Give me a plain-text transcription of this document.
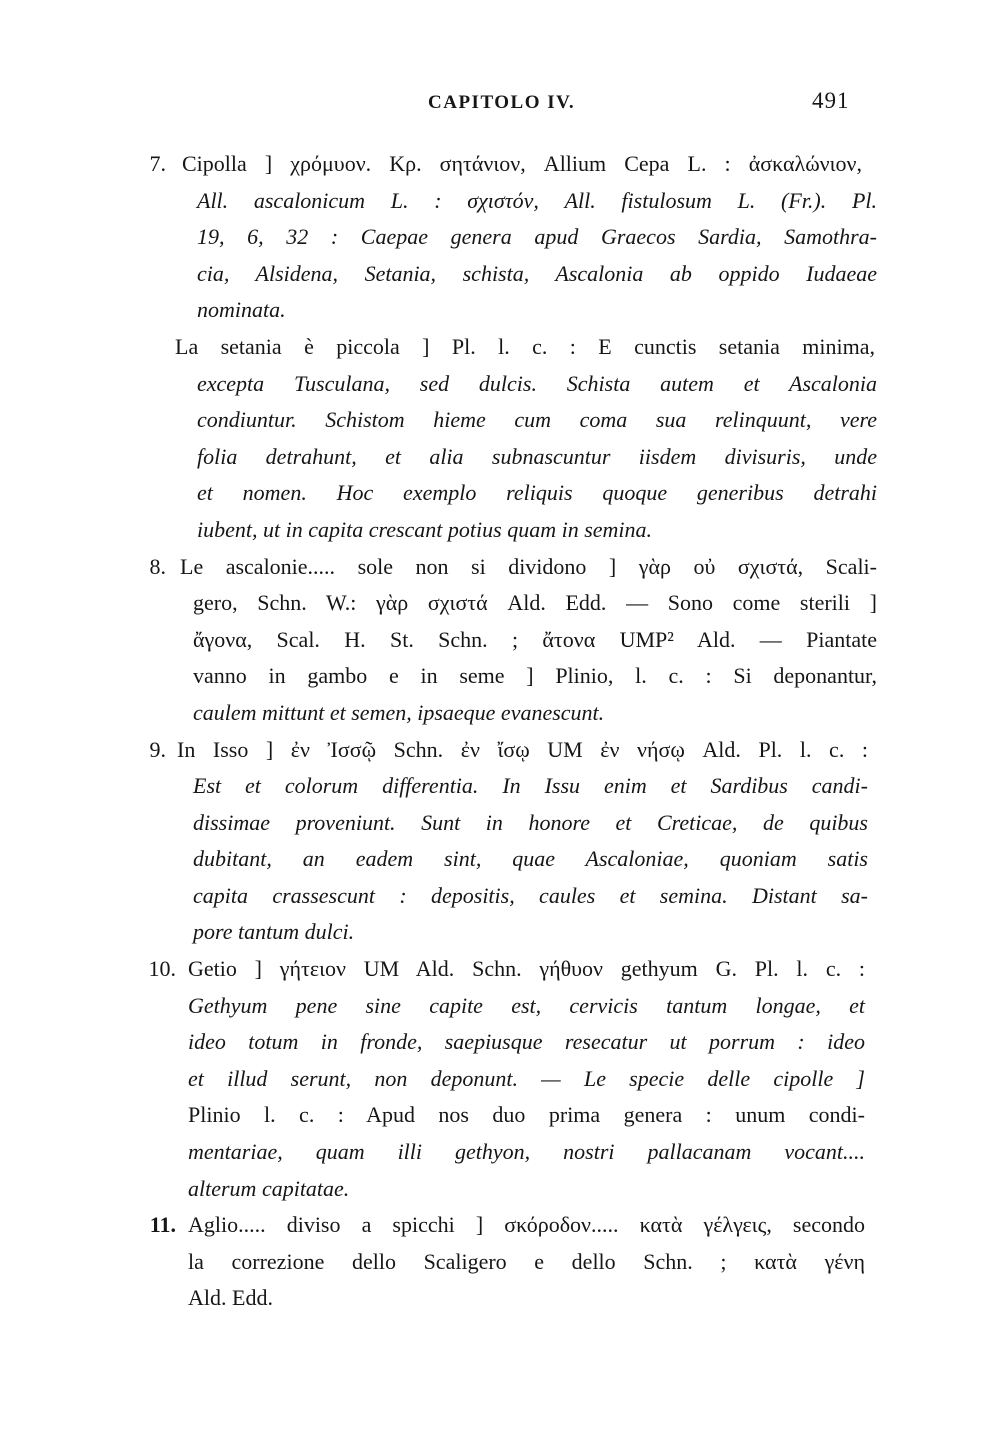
CAPITOLO IV.	491
7. Cipolla ] χρόμυον. Κρ. σητάνιον, Allium Cepa L. : ἀσκαλώνιον,
All. ascalonicum L. : σχιστόν, All. fistulosum L. (Fr.). Pl.
19, 6, 32 : Caepae genera apud Graecos Sardia, Samothra-
cia, Alsidena, Setania, schista, Ascalonia ab oppido Iudaeae
nominata.
La setania è piccola ] Pl. l. c. : E cunctis setania minima,
excepta Tusculana, sed dulcis. Schista autem et Ascalonia
condiuntur. Schistom hieme cum coma sua relinquunt, vere
folia detrahunt, et alia subnascuntur iisdem divisuris, unde
et nomen. Hoc exemplo reliquis quoque generibus detrahi
iubent, ut in capita crescant potius quam in semina.
8. Le ascalonie..... sole non si dividono ] γὰρ οὐ σχιστά, Scali-
gero, Schn. W.: γὰρ σχιστά Ald. Edd. — Sono come sterili ]
ἄγονα, Scal. H. St. Schn. ; ἄτονα UMP² Ald. — Piantate
vanno in gambo e in seme ] Plinio, l. c. : Si deponantur,
caulem mittunt et semen, ipsaeque evanescunt.
9. In Isso ] ἐν Ἰσσῷ Schn. ἐν ἴσῳ UM ἐν νήσῳ Ald. Pl. l. c. :
Est et colorum differentia. In Issu enim et Sardibus candi-
dissimae proveniunt. Sunt in honore et Creticae, de quibus
dubitant, an eadem sint, quae Ascaloniae, quoniam satis
capita crassescunt : depositis, caules et semina. Distant sa-
pore tantum dulci.
10. Getio ] γήτειον UM Ald. Schn. γήθυον gethyum G. Pl. l. c. :
Gethyum pene sine capite est, cervicis tantum longae, et
ideo totum in fronde, saepiusque resecatur ut porrum : ideo
et illud serunt, non deponunt. — Le specie delle cipolle ]
Plinio l. c. : Apud nos duo prima genera : unum condi-
mentariae, quam illi gethyon, nostri pallacanam vocant....
alterum capitatae.
11. Aglio..... diviso a spicchi ] σκόροδον..... κατὰ γέλγεις, secondo
la correzione dello Scaligero e dello Schn. ; κατὰ γένη
Ald. Edd.
